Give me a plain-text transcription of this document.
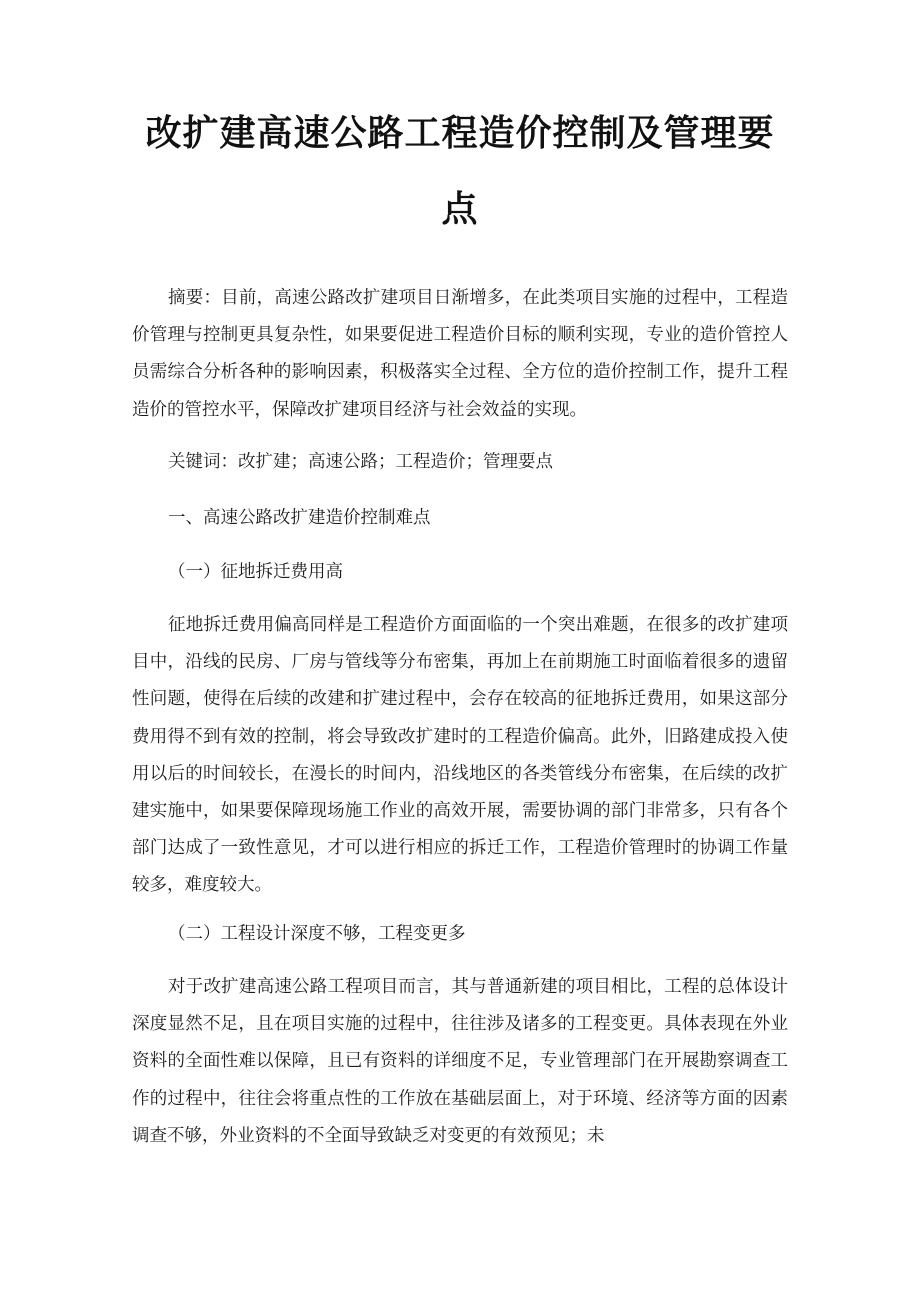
改扩建高速公路工程造价控制及管理要点

摘要：目前，高速公路改扩建项目日渐增多，在此类项目实施的过程中，工程造价管理与控制更具复杂性，如果要促进工程造价目标的顺利实现，专业的造价管控人员需综合分析各种的影响因素，积极落实全过程、全方位的造价控制工作，提升工程造价的管控水平，保障改扩建项目经济与社会效益的实现。

关键词：改扩建；高速公路；工程造价；管理要点

一、高速公路改扩建造价控制难点

（一）征地拆迁费用高

征地拆迁费用偏高同样是工程造价方面面临的一个突出难题，在很多的改扩建项目中，沿线的民房、厂房与管线等分布密集，再加上在前期施工时面临着很多的遗留性问题，使得在后续的改建和扩建过程中，会存在较高的征地拆迁费用，如果这部分费用得不到有效的控制，将会导致改扩建时的工程造价偏高。此外，旧路建成投入使用以后的时间较长，在漫长的时间内，沿线地区的各类管线分布密集，在后续的改扩建实施中，如果要保障现场施工作业的高效开展，需要协调的部门非常多，只有各个部门达成了一致性意见，才可以进行相应的拆迁工作，工程造价管理时的协调工作量较多，难度较大。

（二）工程设计深度不够，工程变更多

对于改扩建高速公路工程项目而言，其与普通新建的项目相比，工程的总体设计深度显然不足，且在项目实施的过程中，往往涉及诸多的工程变更。具体表现在外业资料的全面性难以保障，且已有资料的详细度不足，专业管理部门在开展勘察调查工作的过程中，往往会将重点性的工作放在基础层面上，对于环境、经济等方面的因素调查不够，外业资料的不全面导致缺乏对变更的有效预见；未
